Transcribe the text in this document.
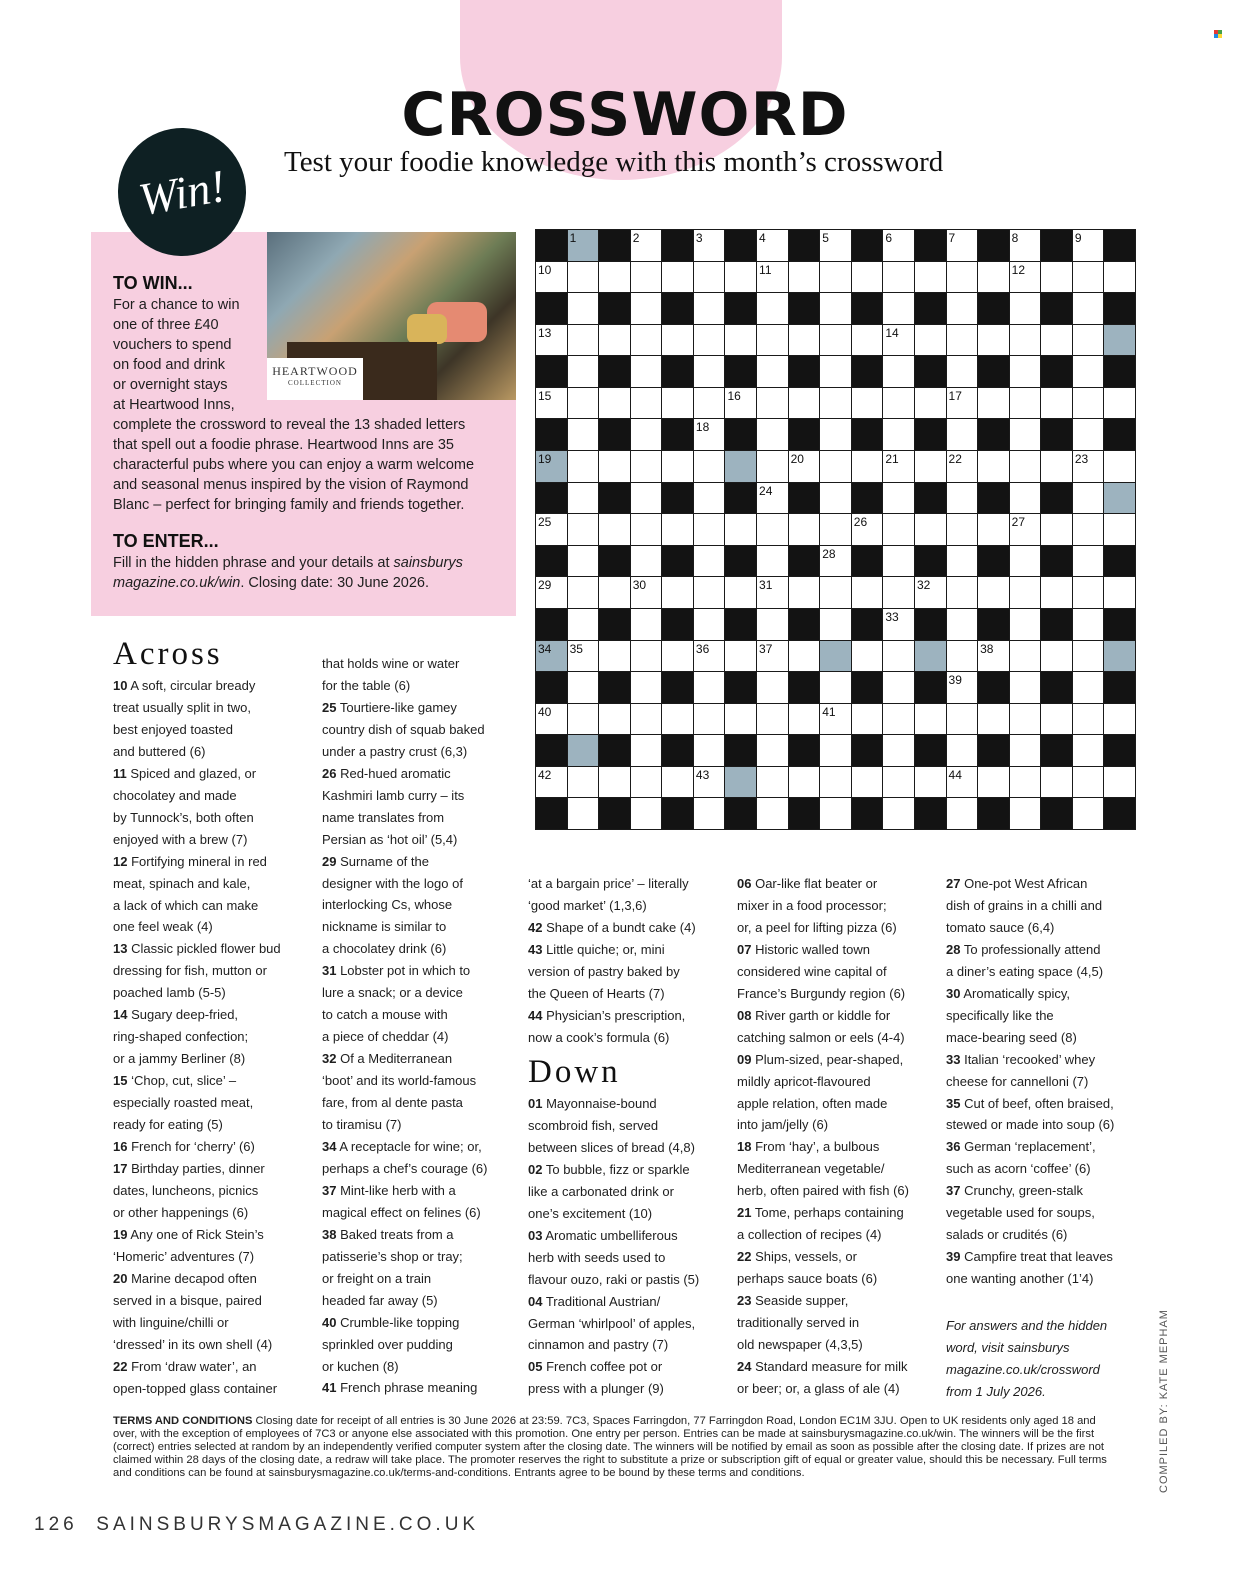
CROSSWORD
Test your foodie knowledge with this month’s crossword
Win!
HEARTWOOD
COLLECTION
TO WIN...
For a chance to win
one of three £40
vouchers to spend
on food and drink
or overnight stays
at Heartwood Inns,
complete the crossword to reveal the 13 shaded letters
that spell out a foodie phrase. Heartwood Inns are 35
characterful pubs where you can enjoy a warm welcome
and seasonal menus inspired by the vision of Raymond
Blanc – perfect for bringing family and friends together.
TO ENTER...
Fill in the hidden phrase and your details at sainsburys
magazine.co.uk/win. Closing date: 30 June 2026.
1	2	3	4	5	6	7	8	9
10	11	12
13	14
15	16	17
18
19	20	21	22	23
24
25	26	27
28
29	30	31	32
33
34 35	36	37	38
39
40	41
42	43	44
Across
10 A soft, circular bready
treat usually split in two,
best enjoyed toasted
and buttered (6)
11 Spiced and glazed, or
chocolatey and made
by Tunnock’s, both often
enjoyed with a brew (7)
12 Fortifying mineral in red
meat, spinach and kale,
a lack of which can make
one feel weak (4)
13 Classic pickled flower bud
dressing for fish, mutton or
poached lamb (5-5)
14 Sugary deep-fried,
ring-shaped confection;
or a jammy Berliner (8)
15 ‘Chop, cut, slice’ –
especially roasted meat,
ready for eating (5)
16 French for ‘cherry’ (6)
17 Birthday parties, dinner
dates, luncheons, picnics
or other happenings (6)
19 Any one of Rick Stein’s
‘Homeric’ adventures (7)
20 Marine decapod often
served in a bisque, paired
with linguine/chilli or
‘dressed’ in its own shell (4)
22 From ‘draw water’, an
open-topped glass container
that holds wine or water
for the table (6)
25 Tourtiere-like gamey
country dish of squab baked
under a pastry crust (6,3)
26 Red-hued aromatic
Kashmiri lamb curry – its
name translates from
Persian as ‘hot oil’ (5,4)
29 Surname of the
designer with the logo of
interlocking Cs, whose
nickname is similar to
a chocolatey drink (6)
31 Lobster pot in which to
lure a snack; or a device
to catch a mouse with
a piece of cheddar (4)
32 Of a Mediterranean
‘boot’ and its world-famous
fare, from al dente pasta
to tiramisu (7)
34 A receptacle for wine; or,
perhaps a chef’s courage (6)
37 Mint-like herb with a
magical effect on felines (6)
38 Baked treats from a
patisserie’s shop or tray;
or freight on a train
headed far away (5)
40 Crumble-like topping
sprinkled over pudding
or kuchen (8)
41 French phrase meaning
‘at a bargain price’ – literally
‘good market’ (1,3,6)
42 Shape of a bundt cake (4)
43 Little quiche; or, mini
version of pastry baked by
the Queen of Hearts (7)
44 Physician’s prescription,
now a cook’s formula (6)
Down
01 Mayonnaise-bound
scombroid fish, served
between slices of bread (4,8)
02 To bubble, fizz or sparkle
like a carbonated drink or
one’s excitement (10)
03 Aromatic umbelliferous
herb with seeds used to
flavour ouzo, raki or pastis (5)
04 Traditional Austrian/
German ‘whirlpool’ of apples,
cinnamon and pastry (7)
05 French coffee pot or
press with a plunger (9)
06 Oar-like flat beater or
mixer in a food processor;
or, a peel for lifting pizza (6)
07 Historic walled town
considered wine capital of
France’s Burgundy region (6)
08 River garth or kiddle for
catching salmon or eels (4-4)
09 Plum-sized, pear-shaped,
mildly apricot-flavoured
apple relation, often made
into jam/jelly (6)
18 From ‘hay’, a bulbous
Mediterranean vegetable/
herb, often paired with fish (6)
21 Tome, perhaps containing
a collection of recipes (4)
22 Ships, vessels, or
perhaps sauce boats (6)
23 Seaside supper,
traditionally served in
old newspaper (4,3,5)
24 Standard measure for milk
or beer; or, a glass of ale (4)
27 One-pot West African
dish of grains in a chilli and
tomato sauce (6,4)
28 To professionally attend
a diner’s eating space (4,5)
30 Aromatically spicy,
specifically like the
mace-bearing seed (8)
33 Italian ‘recooked’ whey
cheese for cannelloni (7)
35 Cut of beef, often braised,
stewed or made into soup (6)
36 German ‘replacement’,
such as acorn ‘coffee’ (6)
37 Crunchy, green-stalk
vegetable used for soups,
salads or crudités (6)
39 Campfire treat that leaves
one wanting another (1’4)
For answers and the hidden
word, visit sainsburys
magazine.co.uk/crossword
from 1 July 2026.
TERMS AND CONDITIONS Closing date for receipt of all entries is 30 June 2026 at 23:59. 7C3, Spaces Farringdon, 77 Farringdon Road, London EC1M 3JU. Open to UK residents only aged 18 and over, with the exception of employees of 7C3 or anyone else associated with this promotion. One entry per person. Entries can be made at sainsburysmagazine.co.uk/win. The winners will be the first (correct) entries selected at random by an independently verified computer system after the closing date. The winners will be notified by email as soon as possible after the closing date. If prizes are not claimed within 28 days of the closing date, a redraw will take place. The promoter reserves the right to substitute a prize or subscription gift of equal or greater value, should this be necessary. Full terms and conditions can be found at sainsburysmagazine.co.uk/terms-and-conditions. Entrants agree to be bound by these terms and conditions.	COMPILED BY: KATE MEPHAM
126 SAINSBURYSMAGAZINE.CO.UK
